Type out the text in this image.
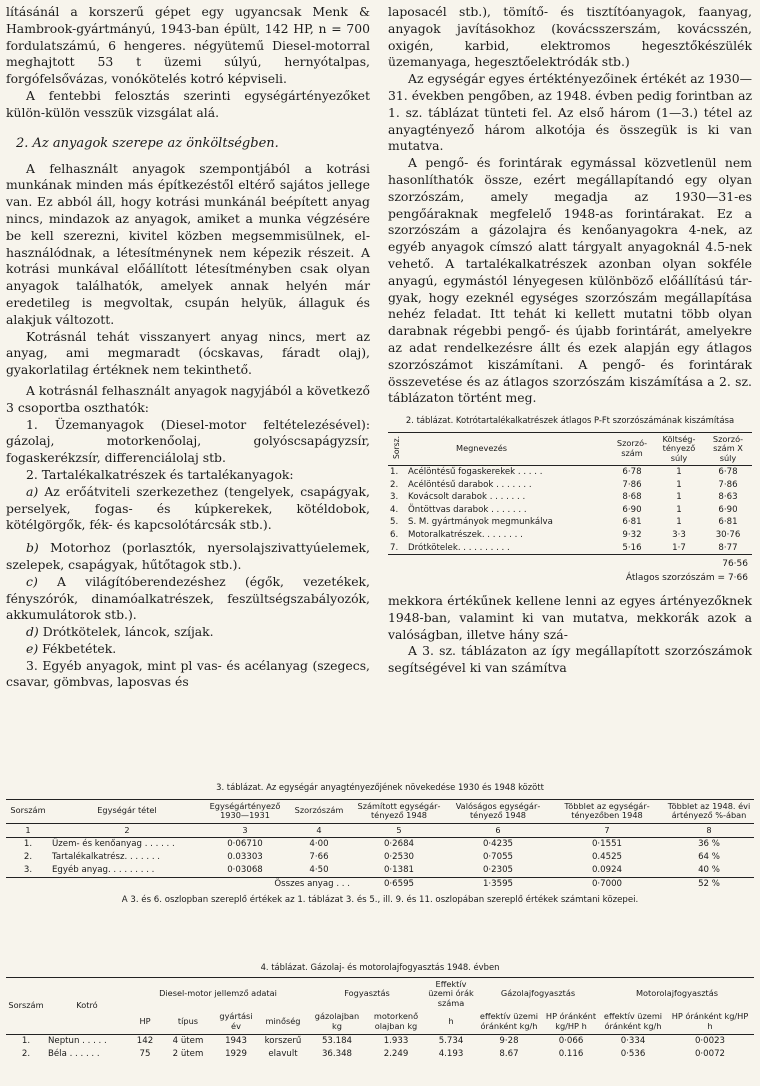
lításánál a korszerű gépet egy ugyancsak Menk & Hambrook-gyártmányú, 1943-ban épült, 142 HP, n = 700 fordulatszámú, 6 hengeres. négyütemű Diesel-motorral meghajtott 53 t üzemi súlyú, hernyótalpas, forgófelsővázas, vonókötelés kotró képviseli.

A fentebbi felosztás szerinti egységártényezőket külön-külön vesszük vizsgálat alá.

2. Az anyagok szerepe az önköltségben.

A felhasznált anyagok szempontjából a kotrási munkának minden más építkezéstől eltérő sajátos jellege van. Ez abból áll, hogy kotrási munkánál beépített anyag nincs, mindazok az anyagok, amiket a munka végzésére be kell szerezni, kivitel közben megsemmisülnek, elhasználódnak, a létesítménynek nem képezik részeit. A kotrási munkával előállított létesítményben csak olyan anyagok találhatók, amelyek annak helyén már eredetileg is megvoltak, csupán helyük, állaguk és alakjuk változott.

Kotrásnál tehát visszanyert anyag nincs, mert az anyag, ami megmaradt (ócskavas, fáradt olaj), gyakorlatilag értéknek nem tekinthető.

A kotrásnál felhasznált anyagok nagyjából a következő 3 csoportba oszthatók:

1. Üzemanyagok (Diesel-motor feltételezésével): gázolaj, motorkenőolaj, golyóscsapágyzsír, fogaskerékzsír, differenciálolaj stb.

2. Tartalékalkatrészek és tartalékanyagok:

a) Az erőátviteli szerkezethez (tengelyek, csapágyak, perselyek, fogas- és kúpkerekek, kötéldobok, kötélgörgők, fék- és kapcsolótárcsák stb.).

b) Motorhoz (porlasztók, nyersolajszivattyúelemek, szelepek, csapágyak, hűtőtagok stb.).

c) A világítóberendezéshez (égők, vezetékek, fényszórók, dinamóalkatrészek, feszültségszabályozók, akkumulátorok stb.).

d) Drótkötelek, láncok, szíjak.

e) Fékbetétek.

3. Egyéb anyagok, mint pl vas- és acélanyag (szegecs, csavar, gömbvas, laposvas és

laposacél stb.), tömítő- és tisztítóanyagok, faanyag, anyagok javításokhoz (kovácsszerszám, kovácsszén, oxigén, karbid, elektromos hegesztőkészülék üzemanyaga, hegesztőelektródák stb.)

Az egységár egyes értéktényezőinek értékét az 1930—31. években pengőben, az 1948. évben pedig forintban az 1. sz. táblázat tünteti fel. Az első három (1—3.) tétel az anyagtényező három alkotója és összegük is ki van mutatva.

A pengő- és forintárak egymással közvetlenül nem hasonlíthatók össze, ezért megállapítandó egy olyan szorzószám, amely megadja az 1930—31-es pengőáraknak megfelelő 1948-as forintárakat. Ez a szorzószám a gázolajra és kenőanyagokra 4-nek, az egyéb anyagok címszó alatt tárgyalt anyagoknál 4.5-nek vehető. A tartalékalkatrészek azonban olyan sokféle anyagú, egymástól lényegesen különböző előállítású tárgyak, hogy ezeknél egységes szorzószám megállapítása nehéz feladat. Itt tehát ki kellett mutatni több olyan darabnak régebbi pengő- és újabb forintárát, amelyekre az adat rendelkezésre állt és ezek alapján egy átlagos szorzószámot kiszámítani. A pengő- és forintárak összevetése és az átlagos szorzószám kiszámítása a 2. sz. táblázaton történt meg.

2. táblázat. Kotrótartalékalkatrészek átlagos P-Ft szorzószámának kiszámítása
Sorsz.	Megnevezés	Szorzószám	Költségtényező súly	Szorzószám X súly
1.	Acélöntésű fogaskerekek . . . . .	6·78	1	6·78
2.	Acélöntésű darabok . . . . . . .	7·86	1	7·86
3.	Kovácsolt darabok . . . . . . .	8·68	1	8·63
4.	Öntöttvas darabok . . . . . . .	6·90	1	6·90
5.	S. M. gyártmányok megmunkálva	6·81	1	6·81
6.	Motoralkatrészek. . . . . . . .	9·32	3·3	30·76
7.	Drótkötelek. . . . . . . . . .	5·16	1·7	8·77
76·56
Átlagos szorzószám = 7·66

mekkora értékűnek kellene lenni az egyes ártényezőknek 1948-ban, valamint ki van mutatva, mekkorák azok a valóságban, illetve hány szá-

A 3. sz. táblázaton az így megállapított szorzószámok segítségével ki van számítva

3. táblázat. Az egységár anyagtényezőjének növekedése 1930 és 1948 között
Sorszám	Egységár tétel	Egységártényező 1930—1931	Szorzószám	Számított egységártényező 1948	Valóságos egységártényező 1948	Többlet az egységártényezőben 1948	Többlet az 1948. évi ártényező %-ában
1	2	3	4	5	6	7	8
1.	Üzem- és kenőanyag . . . . . .	0·06710	4·00	0·2684	0·4235	0·1551	36 %
2.	Tartalékalkatrész. . . . . . .	0.03303	7·66	0·2530	0·7055	0.4525	64 %
3.	Egyéb anyag. . . . . . . . .	0·03068	4·50	0·1381	0·2305	0.0924	40 %
Összes anyag . . .				0·6595	1·3595	0·7000	52 %
A 3. és 6. oszlopban szereplő értékek az 1. táblázat 3. és 5., ill. 9. és 11. oszlopában szereplő értékek számtani közepei.
4. táblázat. Gázolaj- és motorolajfogyasztás 1948. évben
Sorszám	Kotró	Diesel-motor jellemző adatai				Fogyasztás		Effektív üzemi órák száma	Gázolajfogyasztás		Motorolajfogyasztás	
		HP	típus	gyártási év	minőség	gázolajban kg	motorkenő olajban kg	h	effektív üzemi óránként kg/h	HP óránként kg/HP h	effektív üzemi óránként kg/h	HP óránként kg/HP h
1.	Neptun . . . . .	142	4 ütem	1943	korszerű	53.184	1.933	5.734	9·28	0·066	0·334	0·0023
2.	Béla . . . . . .	75	2 ütem	1929	elavult	36.348	2.249	4.193	8.67	0.116	0·536	0·0072
